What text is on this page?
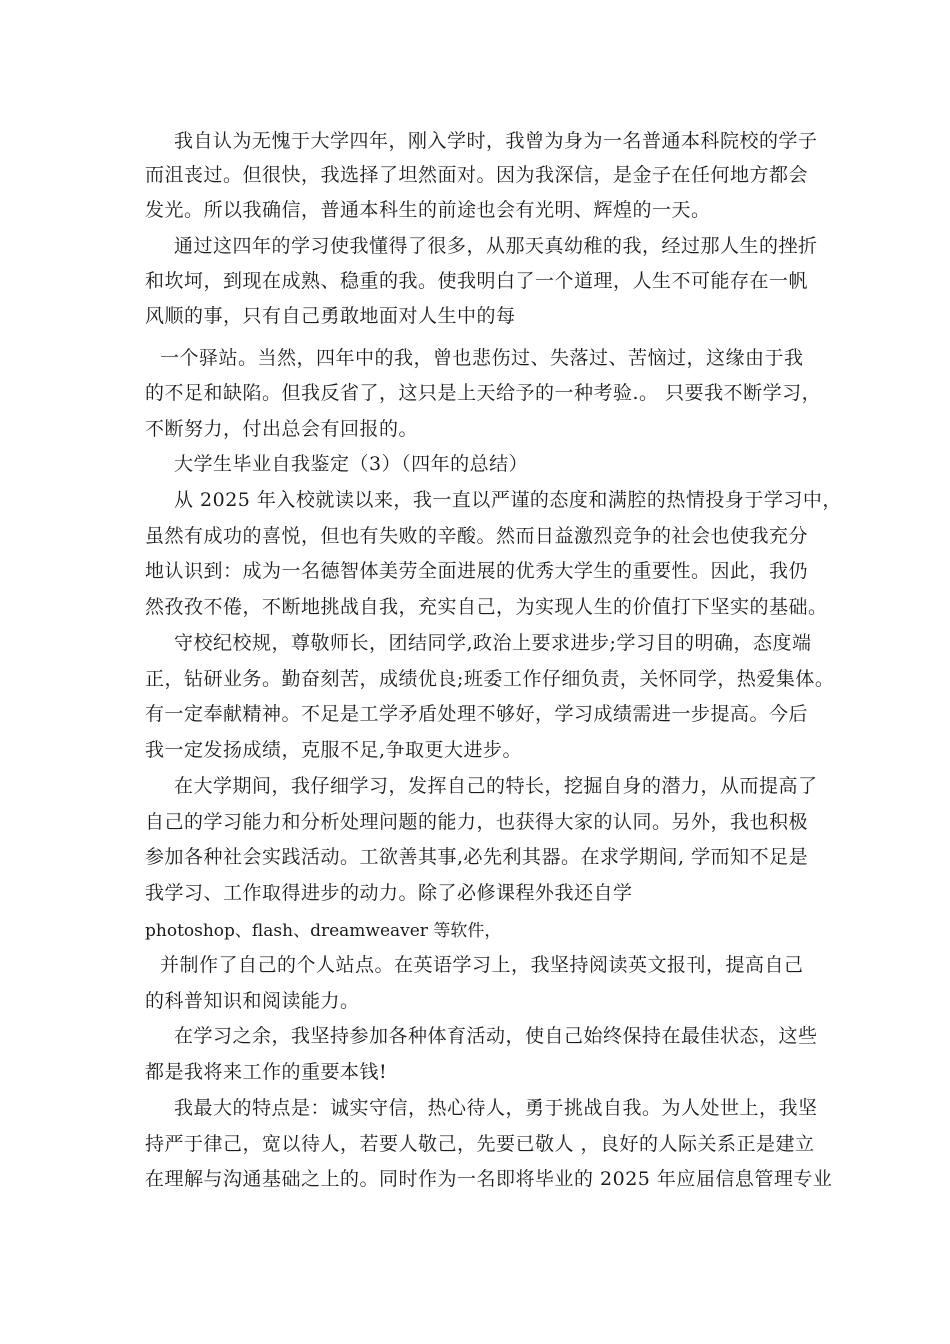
我自认为无愧于大学四年，刚入学时，我曾为身为一名普通本科院校的学子

而沮丧过。但很快，我选择了坦然面对。因为我深信，是金子在任何地方都会

发光。所以我确信，普通本科生的前途也会有光明、辉煌的一天。

通过这四年的学习使我懂得了很多，从那天真幼稚的我，经过那人生的挫折

和坎坷，到现在成熟、稳重的我。使我明白了一个道理，人生不可能存在一帆

风顺的事，只有自己勇敢地面对人生中的每

一个驿站。当然，四年中的我，曾也悲伤过、失落过、苦恼过，这缘由于我

的不足和缺陷。但我反省了，这只是上天给予的一种考验.。 只要我不断学习，

不断努力，付出总会有回报的。

大学生毕业自我鉴定（3）（四年的总结）

从 2025 年入校就读以来，我一直以严谨的态度和满腔的热情投身于学习中，

虽然有成功的喜悦，但也有失败的辛酸。然而日益激烈竞争的社会也使我充分

地认识到：成为一名德智体美劳全面进展的优秀大学生的重要性。因此，我仍

然孜孜不倦，不断地挑战自我，充实自己，为实现人生的价值打下坚实的基础。

守校纪校规，尊敬师长，团结同学,政治上要求进步;学习目的明确，态度端

正，钻研业务。勤奋刻苦，成绩优良;班委工作仔细负责，关怀同学，热爱集体。

有一定奉献精神。不足是工学矛盾处理不够好，学习成绩需进一步提高。今后

我一定发扬成绩，克服不足,争取更大进步。

在大学期间，我仔细学习，发挥自己的特长，挖掘自身的潜力，从而提高了

自己的学习能力和分析处理问题的能力，也获得大家的认同。另外，我也积极

参加各种社会实践活动。工欲善其事,必先利其器。在求学期间, 学而知不足是

我学习、工作取得进步的动力。除了必修课程外我还自学

photoshop、flash、dreamweaver 等软件，

并制作了自己的个人站点。在英语学习上，我坚持阅读英文报刊，提高自己

的科普知识和阅读能力。

在学习之余，我坚持参加各种体育活动，使自己始终保持在最佳状态，这些

都是我将来工作的重要本钱!

我最大的特点是：诚实守信，热心待人，勇于挑战自我。为人处世上，我坚

持严于律己，宽以待人，若要人敬己，先要已敬人 ，良好的人际关系正是建立

在理解与沟通基础之上的。同时作为一名即将毕业的 2025 年应届信息管理专业
